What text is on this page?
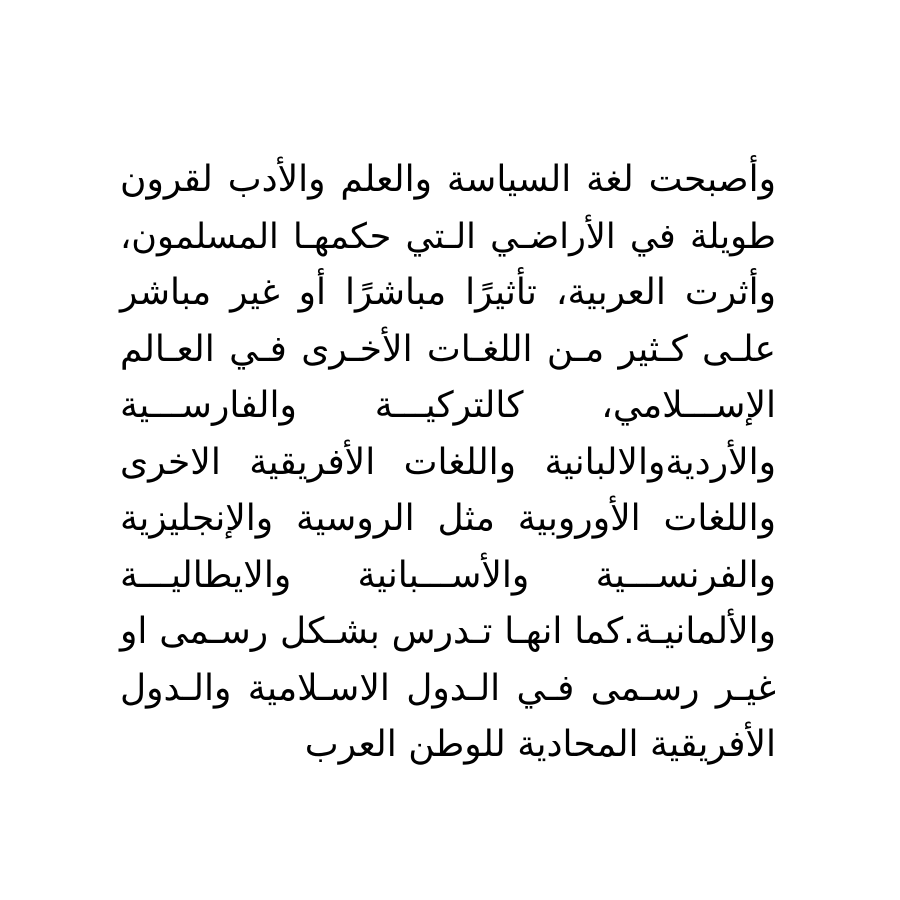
وأصبحت لغة السياسة والعلم والأدب لقرون
طويلة في الأراضـي الـتي حكمهـا المسلمون،
وأثرت العربية، تأثيرًا مباشرًا أو غير مباشر
علـى كـثير مـن اللغـات الأخـرى فـي العـالم
الإســـلامي، كالتركيـــة والفارســـية
والأرديةوالالبانية واللغات الأفريقية الاخرى
واللغات الأوروبية مثل الروسية والإنجليزية
والفرنســـية والأســـبانية والايطاليـــة
والألمانيـة.كما انهـا تـدرس بشـكل رسـمى او
غيـر رسـمى فـي الـدول الاسـلامية والـدول
الأفريقية المحادية للوطن العرب
